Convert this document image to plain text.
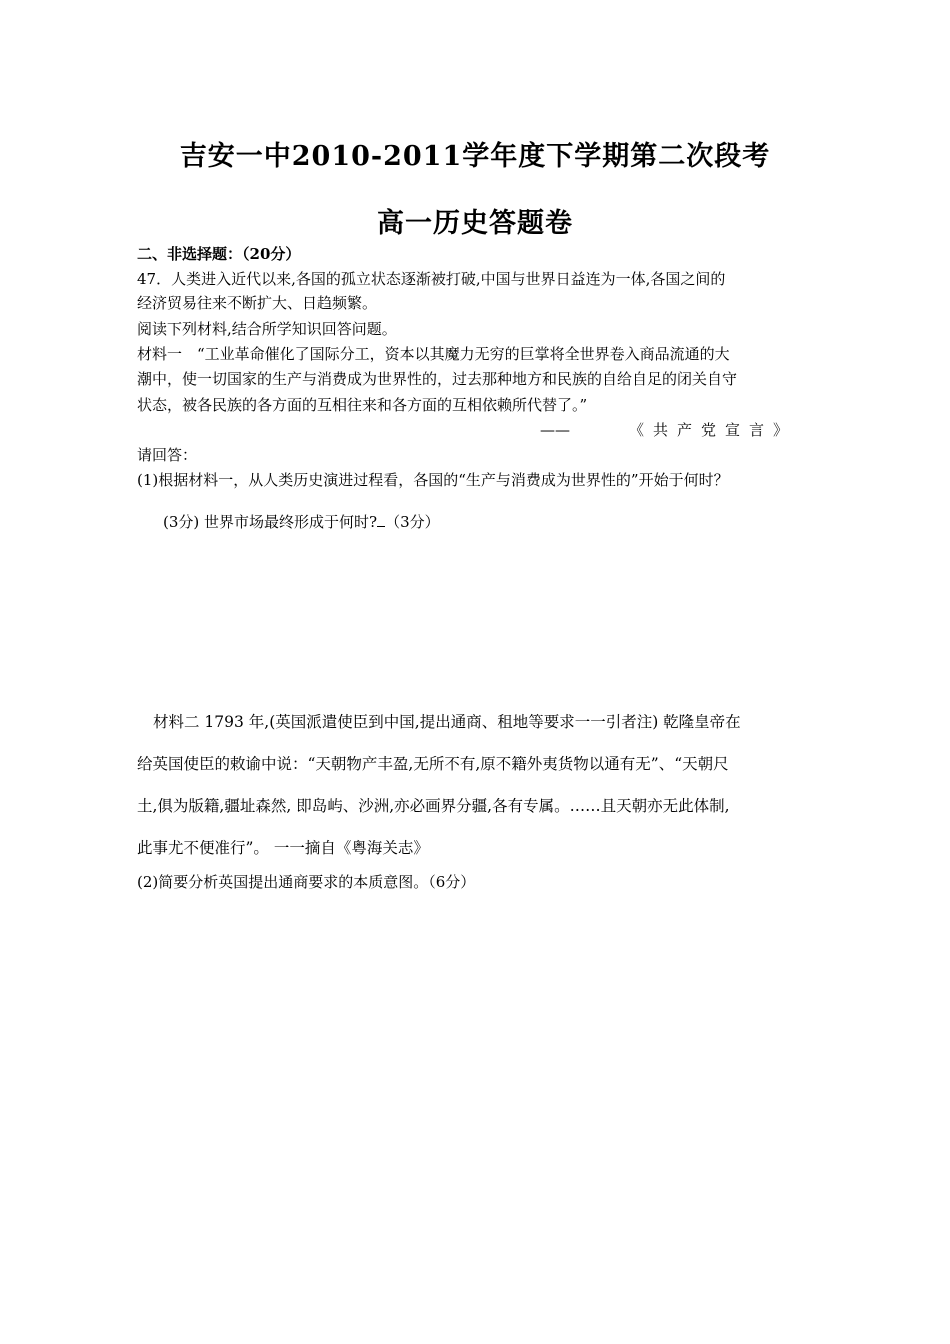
吉安一中2010-2011学年度下学期第二次段考
高一历史答题卷
二、非选择题：（20分）
47．人类进入近代以来,各国的孤立状态逐渐被打破,中国与世界日益连为一体,各国之间的
经济贸易往来不断扩大、日趋频繁。
阅读下列材料,结合所学知识回答问题。
材料一　“工业革命催化了国际分工，资本以其魔力无穷的巨掌将全世界卷入商品流通的大
潮中，使一切国家的生产与消费成为世界性的，过去那种地方和民族的自给自足的闭关自守
状态，被各民族的各方面的互相往来和各方面的互相依赖所代替了。”
——	《共产党宣言》
请回答：
(1)根据材料一，从人类历史演进过程看，各国的“生产与消费成为世界性的”开始于何时？
(3分) 世界市场最终形成于何时? （3分）
材料二 1793 年,(英国派遣使臣到中国,提出通商、租地等要求一一引者注) 乾隆皇帝在
给英国使臣的敕谕中说：“天朝物产丰盈,无所不有,原不籍外夷货物以通有无”、“天朝尺
土,俱为版籍,疆址森然, 即岛屿、沙洲,亦必画界分疆,各有专属。……且天朝亦无此体制,
此事尤不便准行”。 一一摘自《粤海关志》
(2)简要分析英国提出通商要求的本质意图。（6分）
